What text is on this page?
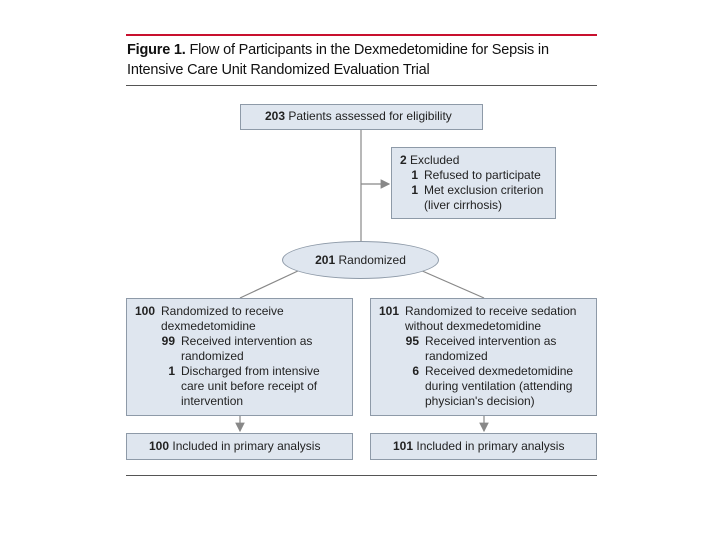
Figure 1. Flow of Participants in the Dexmedetomidine for Sepsis in Intensive Care Unit Randomized Evaluation Trial
203 Patients assessed for eligibility
2 Excluded
1 Refused to participate
1 Met exclusion criterion (liver cirrhosis)
201 Randomized
100 Randomized to receive dexmedetomidine
99 Received intervention as randomized
1 Discharged from intensive care unit before receipt of intervention
101 Randomized to receive sedation without dexmedetomidine
95 Received intervention as randomized
6 Received dexmedetomidine during ventilation (attending physician's decision)
100 Included in primary analysis	101 Included in primary analysis
